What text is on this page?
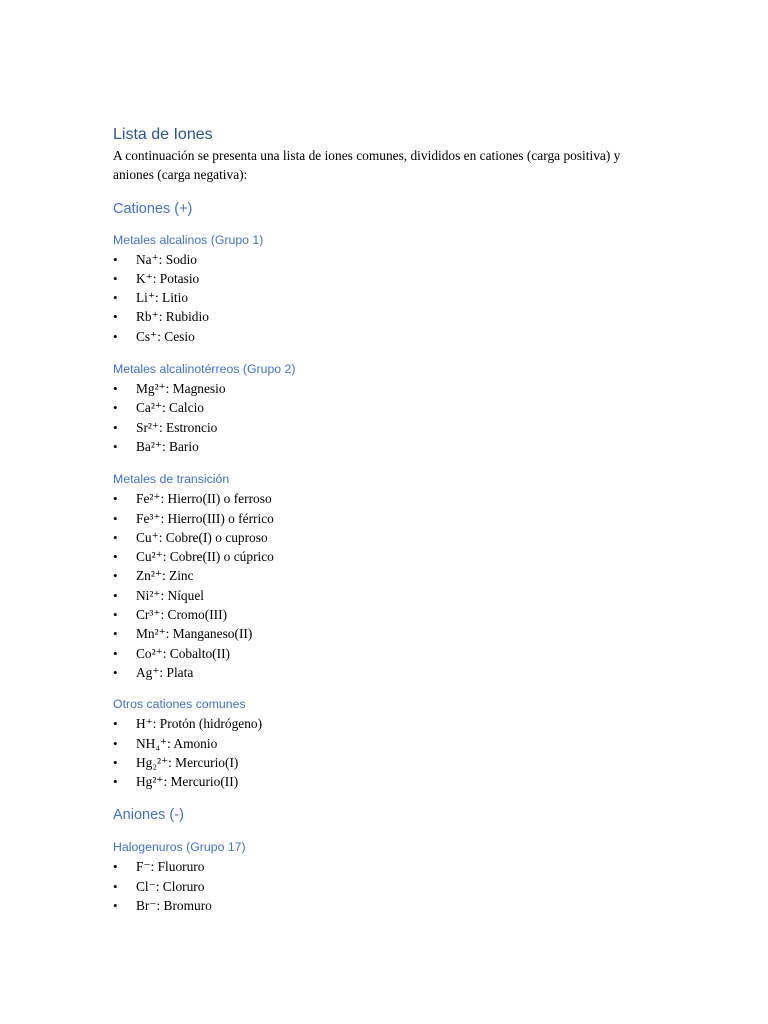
Lista de Iones

A continuación se presenta una lista de iones comunes, divididos en cationes (carga positiva) y aniones (carga negativa):

Cationes (+)
Metales alcalinos (Grupo 1)
• Na⁺: Sodio
• K⁺: Potasio
• Li⁺: Litio
• Rb⁺: Rubidio
• Cs⁺: Cesio
Metales alcalinotérreos (Grupo 2)
• Mg²⁺: Magnesio
• Ca²⁺: Calcio
• Sr²⁺: Estroncio
• Ba²⁺: Bario
Metales de transición
• Fe²⁺: Hierro(II) o ferroso
• Fe³⁺: Hierro(III) o férrico
• Cu⁺: Cobre(I) o cuproso
• Cu²⁺: Cobre(II) o cúprico
• Zn²⁺: Zinc
• Ni²⁺: Níquel
• Cr³⁺: Cromo(III)
• Mn²⁺: Manganeso(II)
• Co²⁺: Cobalto(II)
• Ag⁺: Plata
Otros cationes comunes
• H⁺: Protón (hidrógeno)
• NH₄⁺: Amonio
• Hg₂²⁺: Mercurio(I)
• Hg²⁺: Mercurio(II)
Aniones (-)
Halogenuros (Grupo 17)
• F⁻: Fluoruro
• Cl⁻: Cloruro
• Br⁻: Bromuro
